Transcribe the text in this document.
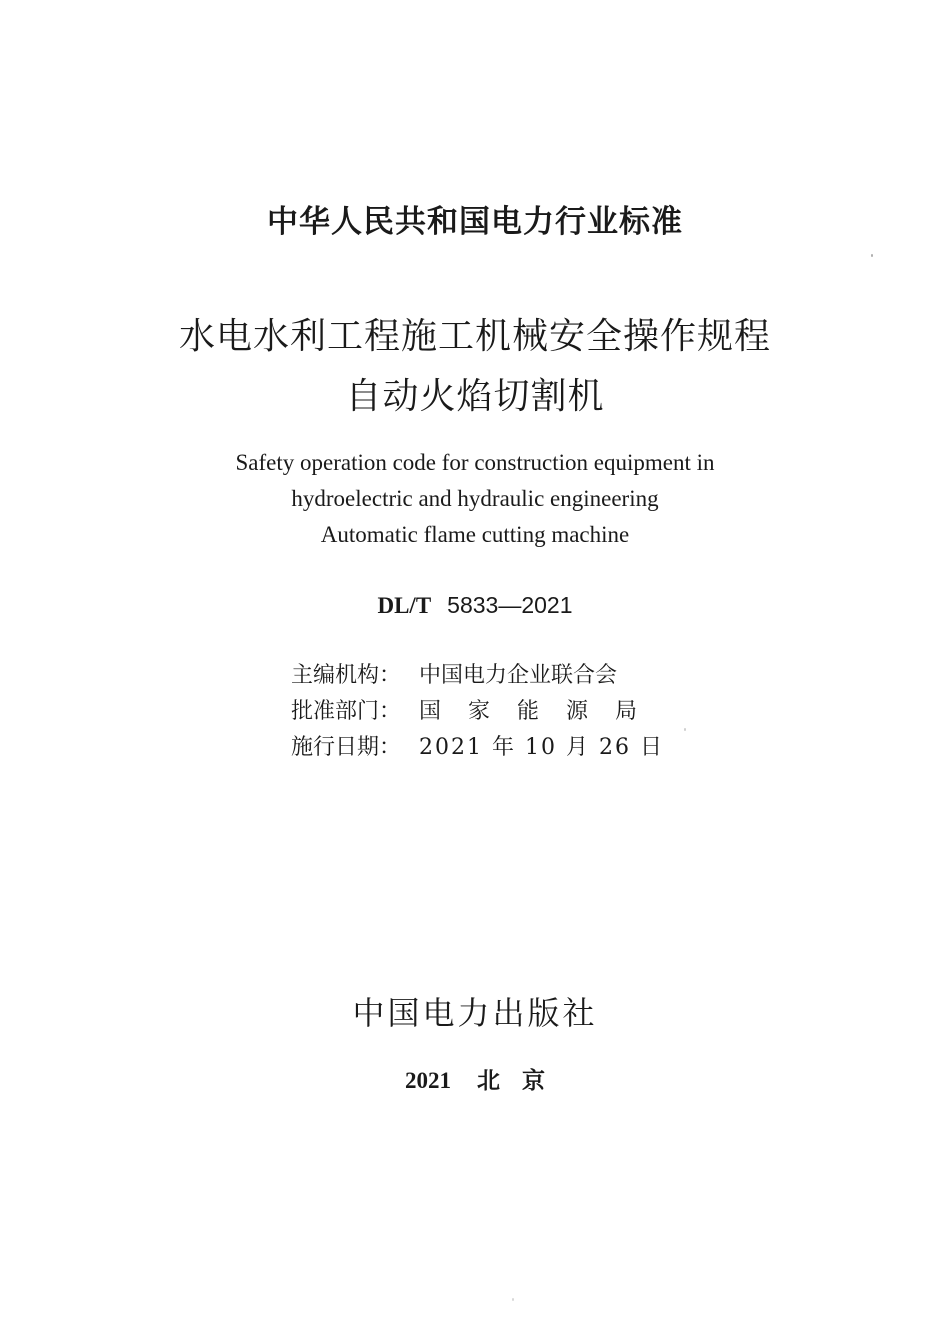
中华人民共和国电力行业标准
水电水利工程施工机械安全操作规程
自动火焰切割机
Safety operation code for construction equipment in
hydroelectric and hydraulic engineering
Automatic flame cutting machine
DL/T 5833—2021
主编机构： 中国电力企业联合会
批准部门： 国家能源局
施行日期： 2021 年 10 月 26 日
中国电力出版社
2021 北京
